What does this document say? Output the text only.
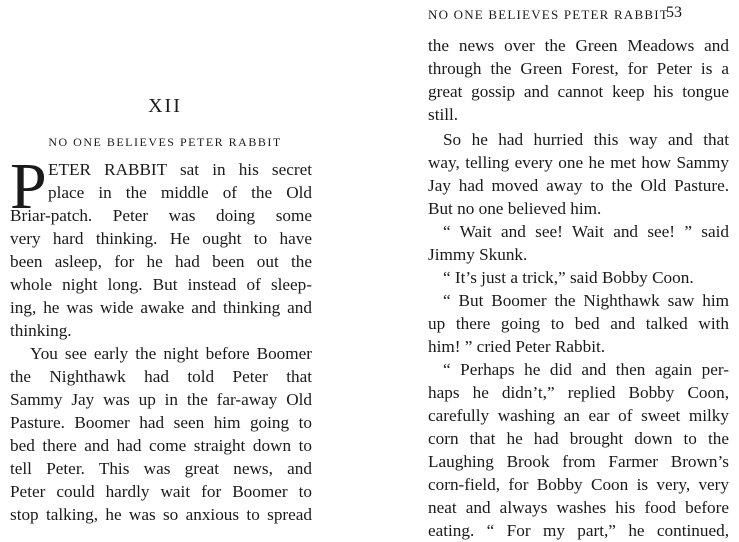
XII
NO ONE BELIEVES PETER RABBIT
P ETER RABBIT sat in his secret
place in the middle of the Old
Briar-patch. Peter was doing some
very hard thinking. He ought to have
been asleep, for he had been out the
whole night long. But instead of sleep-
ing, he was wide awake and thinking and
thinking.
You see early the night before Boomer
the Nighthawk had told Peter that
Sammy Jay was up in the far-away Old
Pasture. Boomer had seen him going to
bed there and had come straight down to
tell Peter. This was great news, and
Peter could hardly wait for Boomer to
stop talking, he was so anxious to spread
NO ONE BELIEVES PETER RABBIT
53
the news over the Green Meadows and
through the Green Forest, for Peter is a
great gossip and cannot keep his tongue
still.
So he had hurried this way and that
way, telling every one he met how Sammy
Jay had moved away to the Old Pasture.
But no one believed him.
“ Wait and see! Wait and see! ” said
Jimmy Skunk.
“ It’s just a trick,” said Bobby Coon.
“ But Boomer the Nighthawk saw him
up there going to bed and talked with
him! ” cried Peter Rabbit.
“ Perhaps he did and then again per-
haps he didn’t,” replied Bobby Coon,
carefully washing an ear of sweet milky
corn that he had brought down to the
Laughing Brook from Farmer Brown’s
corn-field, for Bobby Coon is very, very
neat and always washes his food before
eating. “ For my part,” he continued,
